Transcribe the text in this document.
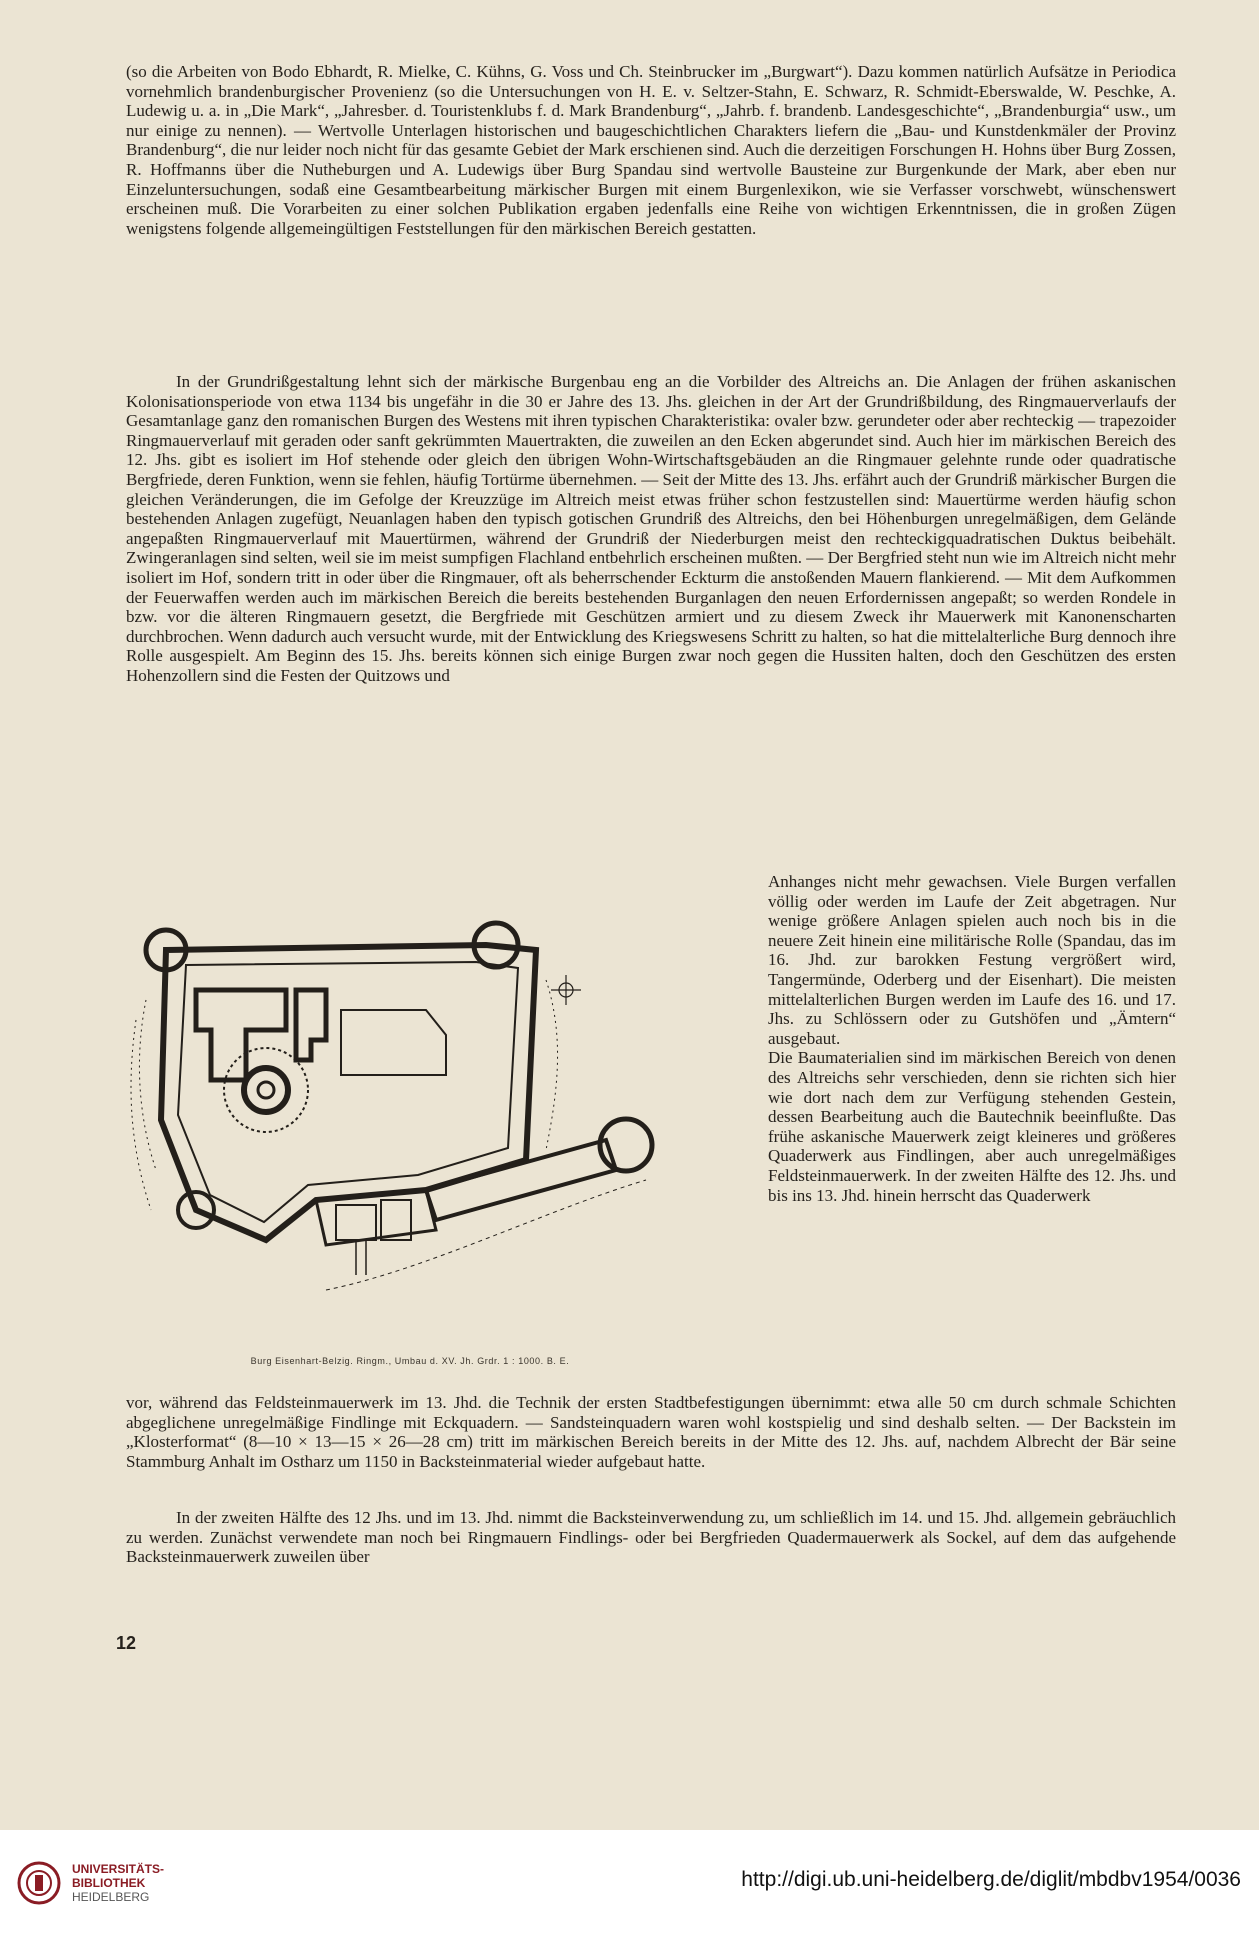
(so die Arbeiten von Bodo Ebhardt, R. Mielke, C. Kühns, G. Voss und Ch. Steinbrucker im „Burgwart“). Dazu kommen natürlich Aufsätze in Periodica vornehmlich brandenburgischer Provenienz (so die Untersuchungen von H. E. v. Seltzer-Stahn, E. Schwarz, R. Schmidt-Eberswalde, W. Peschke, A. Ludewig u. a. in „Die Mark“, „Jahresber. d. Touristenklubs f. d. Mark Brandenburg“, „Jahrb. f. brandenb. Landesgeschichte“, „Brandenburgia“ usw., um nur einige zu nennen). — Wertvolle Unterlagen historischen und baugeschichtlichen Charakters liefern die „Bau- und Kunstdenkmäler der Provinz Brandenburg“, die nur leider noch nicht für das gesamte Gebiet der Mark erschienen sind. Auch die derzeitigen Forschungen H. Hohns über Burg Zossen, R. Hoffmanns über die Nutheburgen und A. Ludewigs über Burg Spandau sind wertvolle Bausteine zur Burgenkunde der Mark, aber eben nur Einzeluntersuchungen, sodaß eine Gesamtbearbeitung märkischer Burgen mit einem Burgenlexikon, wie sie Verfasser vorschwebt, wünschenswert erscheinen muß. Die Vorarbeiten zu einer solchen Publikation ergaben jedenfalls eine Reihe von wichtigen Erkenntnissen, die in großen Zügen wenigstens folgende allgemeingültigen Feststellungen für den märkischen Bereich gestatten.

In der Grundrißgestaltung lehnt sich der märkische Burgenbau eng an die Vorbilder des Altreichs an. Die Anlagen der frühen askanischen Kolonisationsperiode von etwa 1134 bis ungefähr in die 30 er Jahre des 13. Jhs. gleichen in der Art der Grundrißbildung, des Ringmauerverlaufs der Gesamtanlage ganz den romanischen Burgen des Westens mit ihren typischen Charakteristika: ovaler bzw. gerundeter oder aber rechteckig — trapezoider Ringmauerverlauf mit geraden oder sanft gekrümmten Mauertrakten, die zuweilen an den Ecken abgerundet sind. Auch hier im märkischen Bereich des 12. Jhs. gibt es isoliert im Hof stehende oder gleich den übrigen Wohn-Wirtschaftsgebäuden an die Ringmauer gelehnte runde oder quadratische Bergfriede, deren Funktion, wenn sie fehlen, häufig Tortürme übernehmen. — Seit der Mitte des 13. Jhs. erfährt auch der Grundriß märkischer Burgen die gleichen Veränderungen, die im Gefolge der Kreuzzüge im Altreich meist etwas früher schon festzustellen sind: Mauertürme werden häufig schon bestehenden Anlagen zugefügt, Neuanlagen haben den typisch gotischen Grundriß des Altreichs, den bei Höhenburgen unregelmäßigen, dem Gelände angepaßten Ringmauerverlauf mit Mauertürmen, während der Grundriß der Niederburgen meist den rechteckigquadratischen Duktus beibehält. Zwingeranlagen sind selten, weil sie im meist sumpfigen Flachland entbehrlich erscheinen mußten. — Der Bergfried steht nun wie im Altreich nicht mehr isoliert im Hof, sondern tritt in oder über die Ringmauer, oft als beherrschender Eckturm die anstoßenden Mauern flankierend. — Mit dem Aufkommen der Feuerwaffen werden auch im märkischen Bereich die bereits bestehenden Burganlagen den neuen Erfordernissen angepaßt; so werden Rondele in bzw. vor die älteren Ringmauern gesetzt, die Bergfriede mit Geschützen armiert und zu diesem Zweck ihr Mauerwerk mit Kanonenscharten durchbrochen. Wenn dadurch auch versucht wurde, mit der Entwicklung des Kriegswesens Schritt zu halten, so hat die mittelalterliche Burg dennoch ihre Rolle ausgespielt. Am Beginn des 15. Jhs. bereits können sich einige Burgen zwar noch gegen die Hussiten halten, doch den Geschützen des ersten Hohenzollern sind die Festen der Quitzows und

Anhanges nicht mehr gewachsen. Viele Burgen verfallen völlig oder werden im Laufe der Zeit abgetragen. Nur wenige größere Anlagen spielen auch noch bis in die neuere Zeit hinein eine militärische Rolle (Spandau, das im 16. Jhd. zur barokken Festung vergrößert wird, Tangermünde, Oderberg und der Eisenhart). Die meisten mittelalterlichen Burgen werden im Laufe des 16. und 17. Jhs. zu Schlössern oder zu Gutshöfen und „Ämtern“ ausgebaut.

Die Baumaterialien sind im märkischen Bereich von denen des Altreichs sehr verschieden, denn sie richten sich hier wie dort nach dem zur Verfügung stehenden Gestein, dessen Bearbeitung auch die Bautechnik beeinflußte. Das frühe askanische Mauerwerk zeigt kleineres und größeres Quaderwerk aus Findlingen, aber auch unregelmäßiges Feldsteinmauerwerk. In der zweiten Hälfte des 12. Jhs. und bis ins 13. Jhd. hinein herrscht das Quaderwerk

Burg Eisenhart-Belzig. Ringm., Umbau d. XV. Jh. Grdr. 1 : 1000. B. E.

vor, während das Feldsteinmauerwerk im 13. Jhd. die Technik der ersten Stadtbefestigungen übernimmt: etwa alle 50 cm durch schmale Schichten abgeglichene unregelmäßige Findlinge mit Eckquadern. — Sandsteinquadern waren wohl kostspielig und sind deshalb selten. — Der Backstein im „Klosterformat“ (8—10 × 13—15 × 26—28 cm) tritt im märkischen Bereich bereits in der Mitte des 12. Jhs. auf, nachdem Albrecht der Bär seine Stammburg Anhalt im Ostharz um 1150 in Backsteinmaterial wieder aufgebaut hatte.

In der zweiten Hälfte des 12 Jhs. und im 13. Jhd. nimmt die Backsteinverwendung zu, um schließlich im 14. und 15. Jhd. allgemein gebräuchlich zu werden. Zunächst verwendete man noch bei Ringmauern Findlings- oder bei Bergfrieden Quadermauerwerk als Sockel, auf dem das aufgehende Backsteinmauerwerk zuweilen über

12
UNIVERSITÄTS-
BIBLIOTHEK
HEIDELBERG
http://digi.ub.uni-heidelberg.de/diglit/mbdbv1954/0036
